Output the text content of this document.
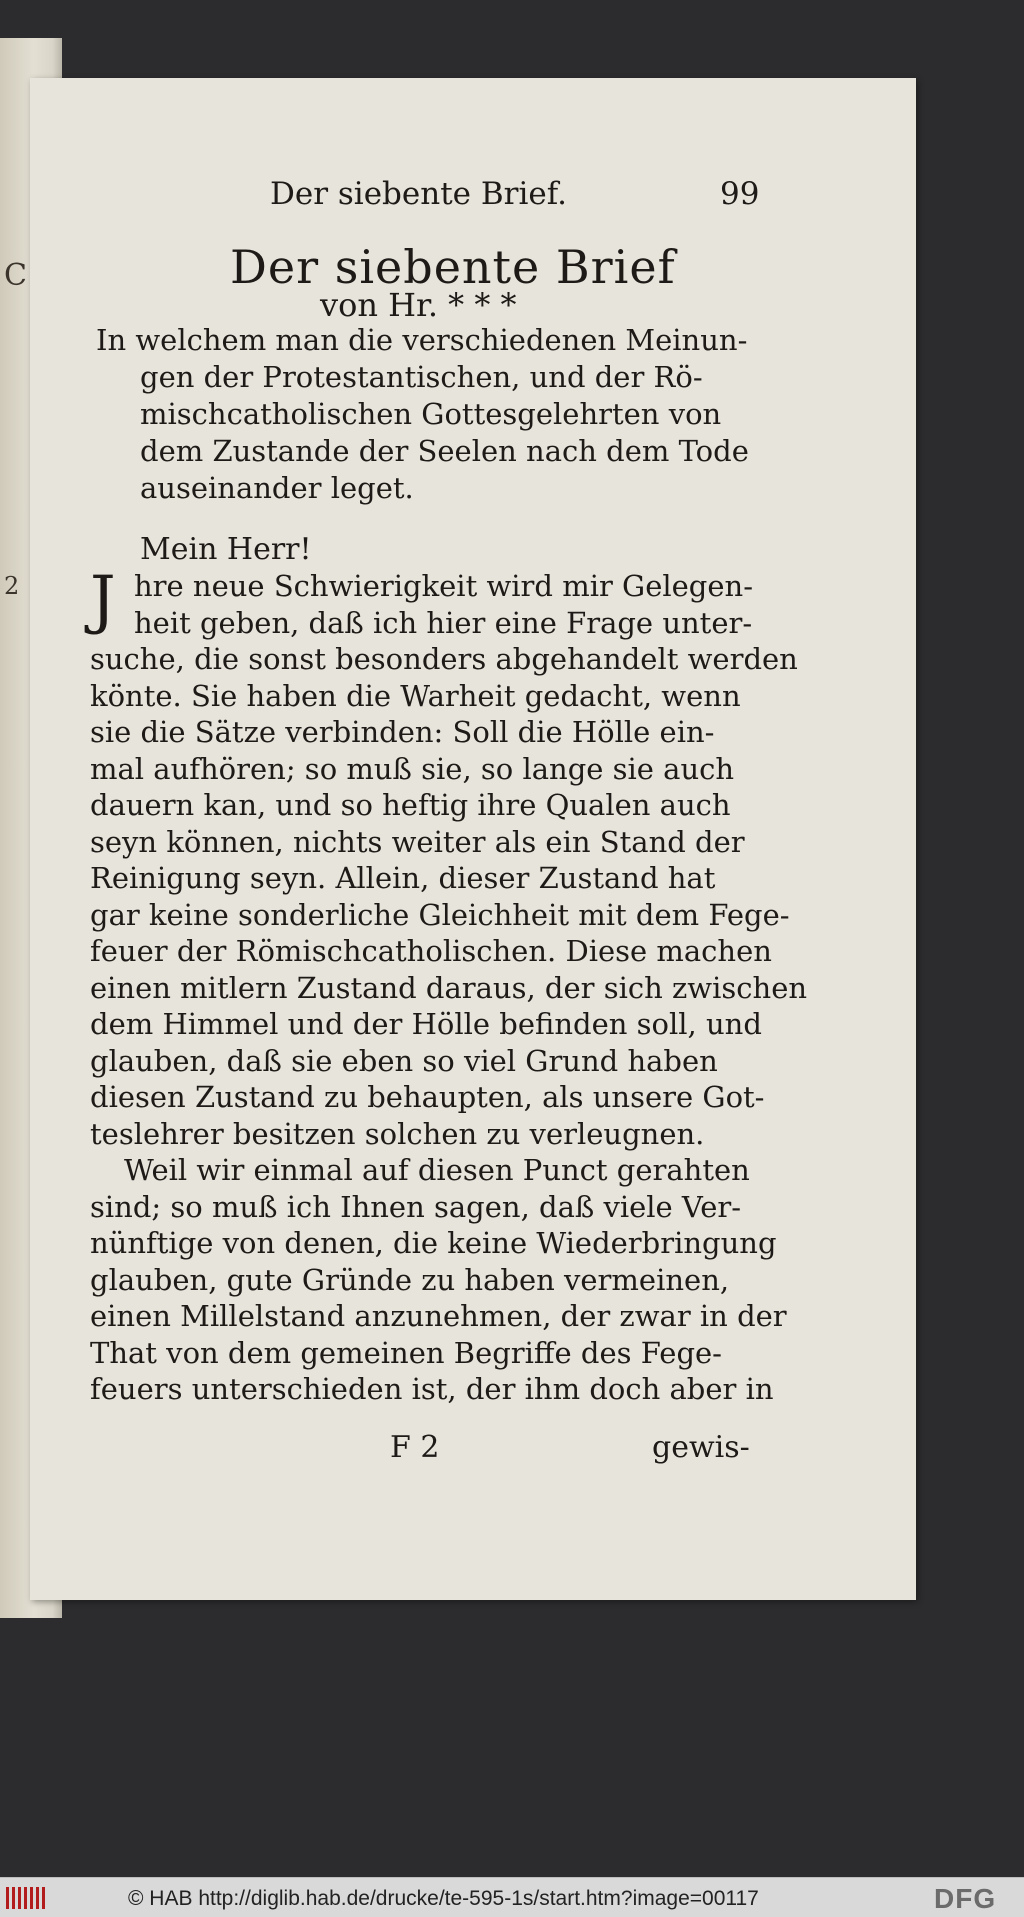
C
2
Der siebente Brief.	99
Der siebente Brief
von Hr. * * *
In welchem man die verschiedenen Meinun-
gen der Protestantischen, und der Rö-
mischcatholischen Gottesgelehrten von
dem Zustande der Seelen nach dem Tode
auseinander leget.
Mein Herr!
J hre neue Schwierigkeit wird mir Gelegen-
heit geben, daß ich hier eine Frage unter-
suche, die sonst besonders abgehandelt werden
könte. Sie haben die Warheit gedacht, wenn
sie die Sätze verbinden: Soll die Hölle ein-
mal aufhören; so muß sie, so lange sie auch
dauern kan, und so heftig ihre Qualen auch
seyn können, nichts weiter als ein Stand der
Reinigung seyn. Allein, dieser Zustand hat
gar keine sonderliche Gleichheit mit dem Fege-
feuer der Römischcatholischen. Diese machen
einen mitlern Zustand daraus, der sich zwischen
dem Himmel und der Hölle befinden soll, und
glauben, daß sie eben so viel Grund haben
diesen Zustand zu behaupten, als unsere Got-
teslehrer besitzen solchen zu verleugnen.
Weil wir einmal auf diesen Punct gerahten
sind; so muß ich Ihnen sagen, daß viele Ver-
nünftige von denen, die keine Wiederbringung
glauben, gute Gründe zu haben vermeinen,
einen Millelstand anzunehmen, der zwar in der
That von dem gemeinen Begriffe des Fege-
feuers unterschieden ist, der ihm doch aber in
F 2	gewis-
© HAB http://diglib.hab.de/drucke/te-595-1s/start.htm?image=00117	DFG
